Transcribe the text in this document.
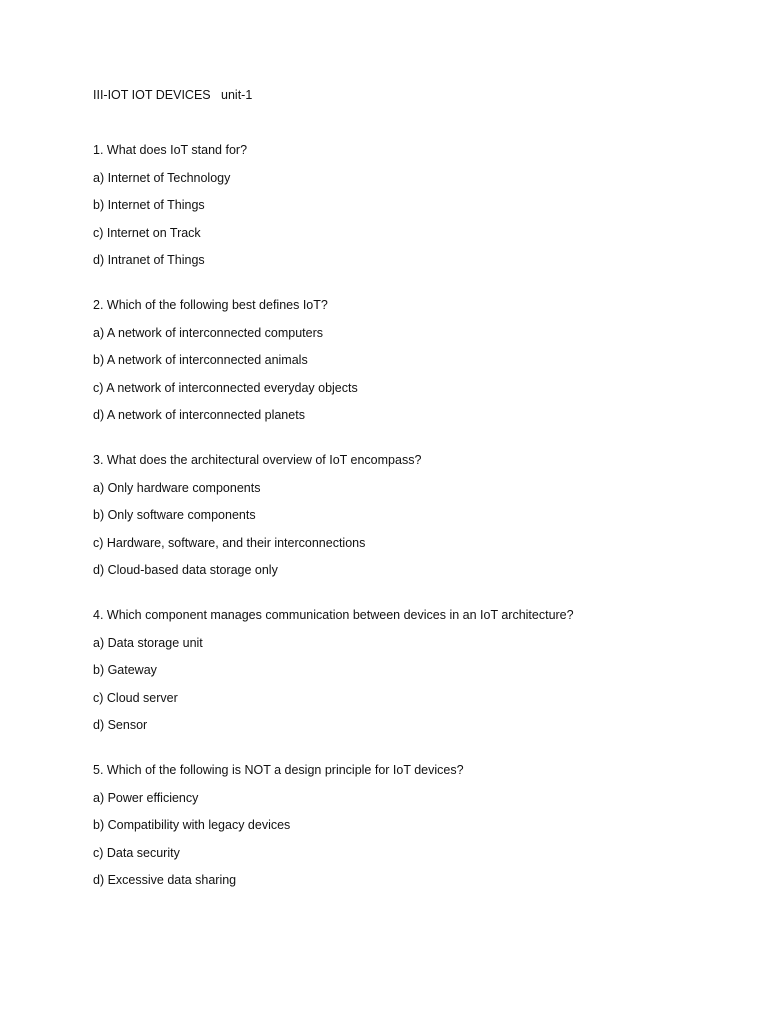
III-IOT IOT DEVICES   unit-1
1. What does IoT stand for?
a) Internet of Technology
b) Internet of Things
c) Internet on Track
d) Intranet of Things
2. Which of the following best defines IoT?
a) A network of interconnected computers
b) A network of interconnected animals
c) A network of interconnected everyday objects
d) A network of interconnected planets
3. What does the architectural overview of IoT encompass?
a) Only hardware components
b) Only software components
c) Hardware, software, and their interconnections
d) Cloud-based data storage only
4. Which component manages communication between devices in an IoT architecture?
a) Data storage unit
b) Gateway
c) Cloud server
d) Sensor
5. Which of the following is NOT a design principle for IoT devices?
a) Power efficiency
b) Compatibility with legacy devices
c) Data security
d) Excessive data sharing
